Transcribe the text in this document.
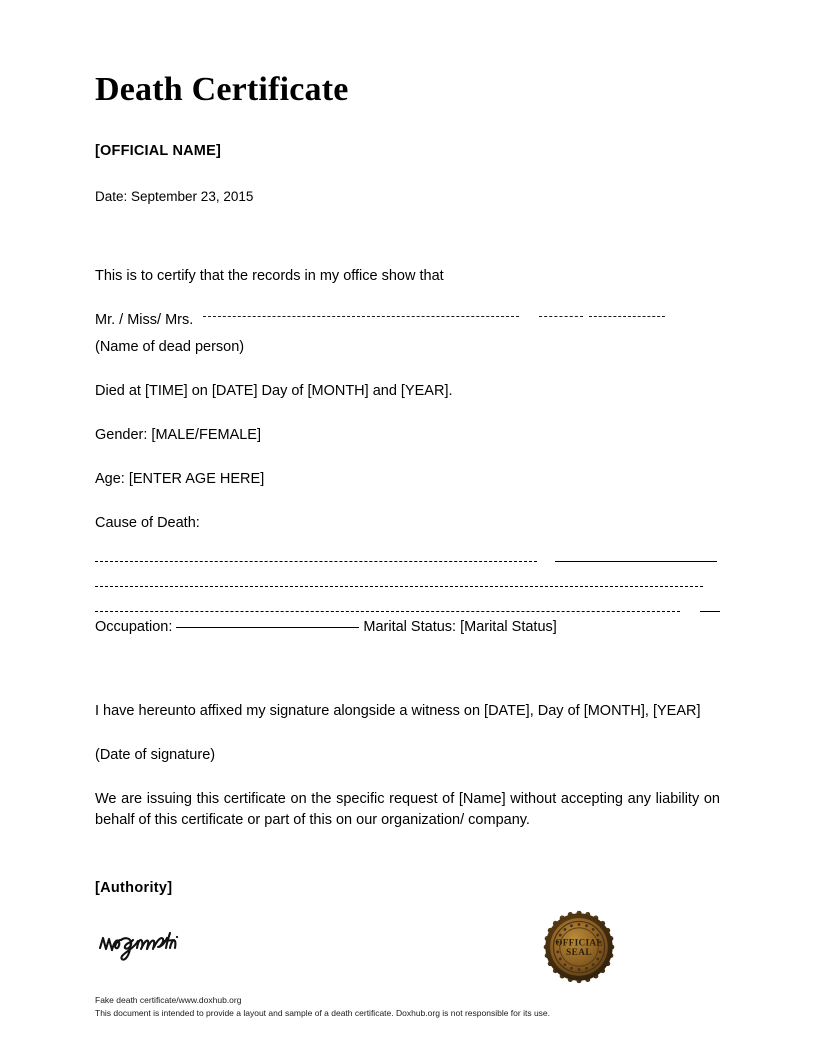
Death Certificate
[OFFICIAL NAME]
Date: September 23, 2015

This is to certify that the records in my office show that

Mr. / Miss/ Mrs.

(Name of dead person)

Died at [TIME] on [DATE] Day of [MONTH] and [YEAR].

Gender: [MALE/FEMALE]

Age: [ENTER AGE HERE]

Cause of Death:

Occupation:	Marital Status: [Marital Status]

I have hereunto affixed my signature alongside a witness on [DATE], Day of [MONTH], [YEAR]

(Date of signature)

We are issuing this certificate on the specific request of [Name] without accepting any liability on behalf of this certificate or part of this on our organization/ company.

[Authority]
OFFICIAL
SEAL

Fake death certificate/www.doxhub.org

This document is intended to provide a layout and sample of a death certificate. Doxhub.org is not responsible for its use.
